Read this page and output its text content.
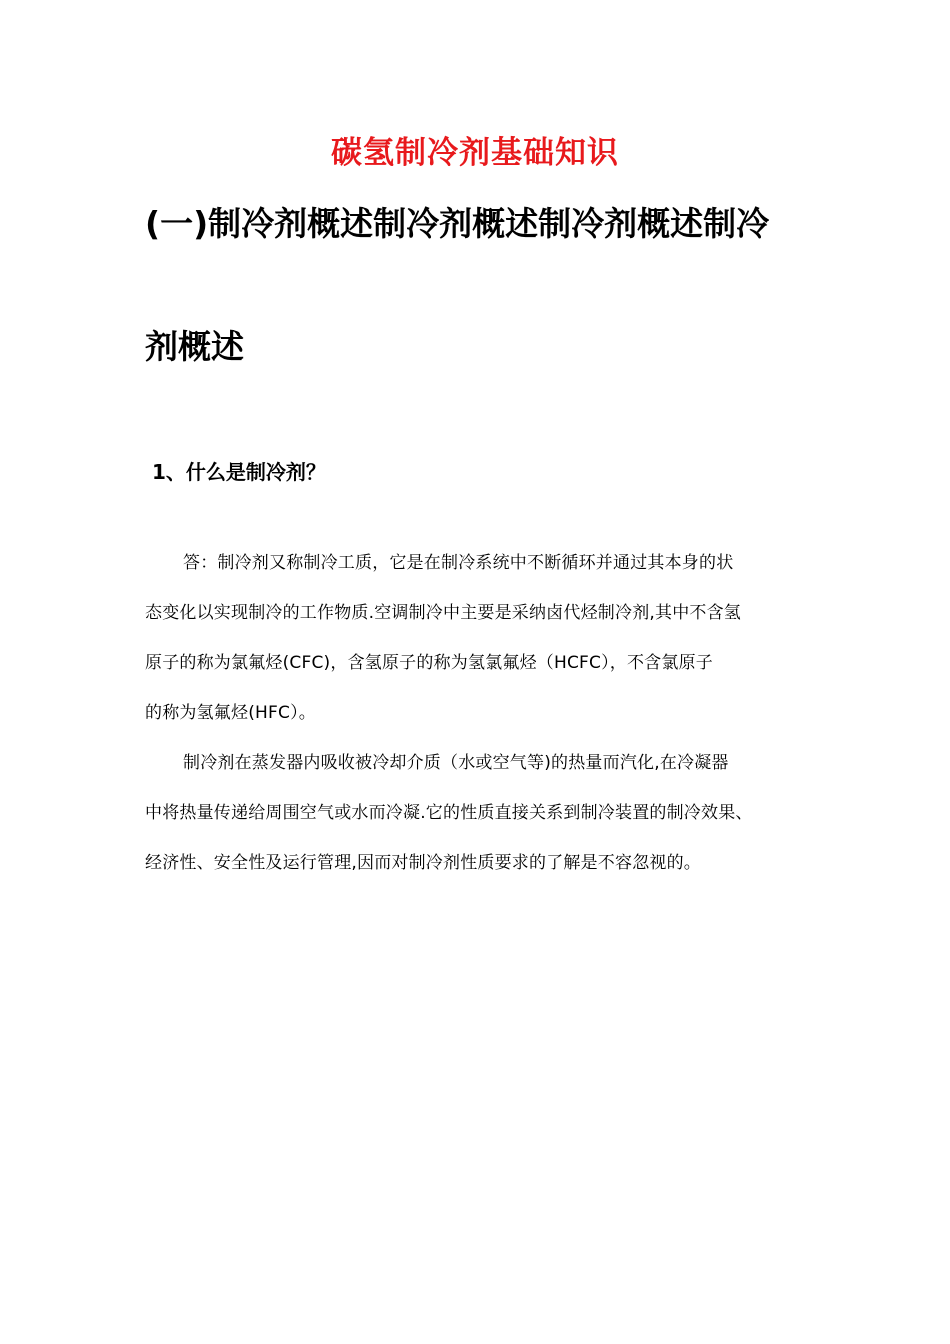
碳氢制冷剂基础知识
(一)制冷剂概述制冷剂概述制冷剂概述制冷
剂概述
1、什么是制冷剂？
答：制冷剂又称制冷工质，它是在制冷系统中不断循环并通过其本身的状
态变化以实现制冷的工作物质.空调制冷中主要是采纳卤代烃制冷剂,其中不含氢
原子的称为氯氟烃(CFC)，含氢原子的称为氢氯氟烃（HCFC），不含氯原子
的称为氢氟烃(HFC）。
制冷剂在蒸发器内吸收被冷却介质（水或空气等)的热量而汽化,在冷凝器
中将热量传递给周围空气或水而冷凝.它的性质直接关系到制冷装置的制冷效果、
经济性、安全性及运行管理,因而对制冷剂性质要求的了解是不容忽视的。
